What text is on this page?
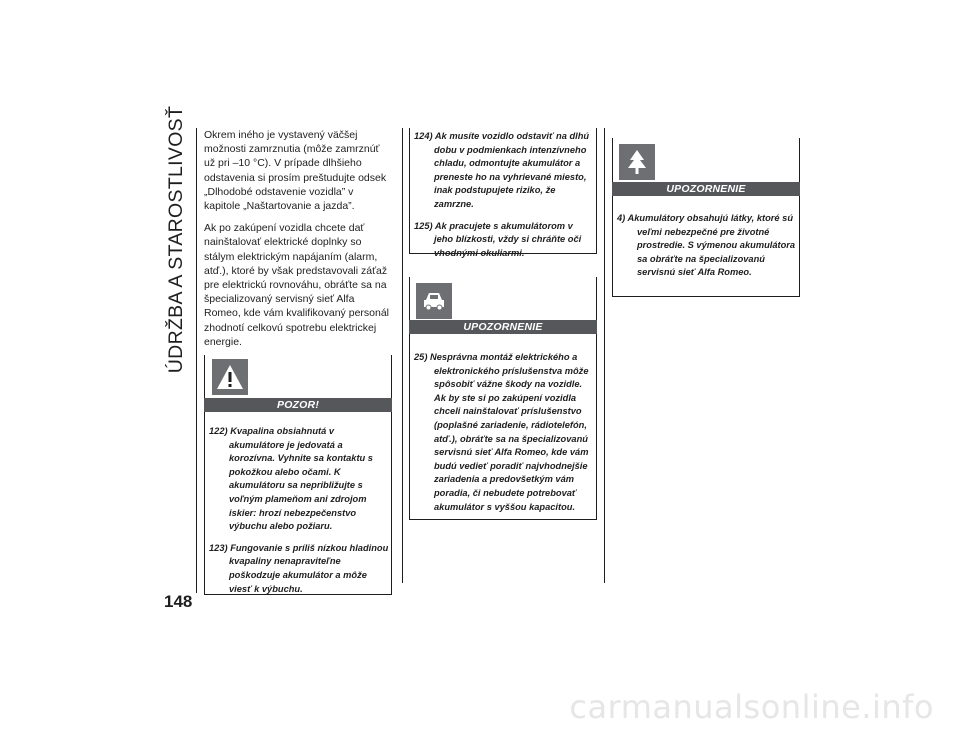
ÚDRŽBA A STAROSTLIVOSŤ
148

Okrem iného je vystavený väčšej možnosti zamrznutia (môže zamrznúť už pri –10 °C). V prípade dlhšieho odstavenia si prosím preštudujte odsek „Dlhodobé odstavenie vozidla” v kapitole „Naštartovanie a jazda”.

Ak po zakúpení vozidla chcete dať nainštalovať elektrické doplnky so stálym elektrickým napájaním (alarm, atď.), ktoré by však predstavovali záťaž pre elektrickú rovnováhu, obráťte sa na špecializovaný servisný sieť Alfa Romeo, kde vám kvalifikovaný personál zhodnotí celkovú spotrebu elektrickej energie.

POZOR!
122) Kvapalina obsiahnutá v akumulátore je jedovatá a korozívna. Vyhnite sa kontaktu s pokožkou alebo očami. K akumulátoru sa nepribližujte s voľným plameňom ani zdrojom iskier: hrozí nebezpečenstvo výbuchu alebo požiaru.
123) Fungovanie s príliš nízkou hladinou kvapaliny nenapraviteľne poškodzuje akumulátor a môže viesť k výbuchu.
124) Ak musíte vozidlo odstaviť na dlhú dobu v podmienkach intenzívneho chladu, odmontujte akumulátor a preneste ho na vyhrievané miesto, inak podstupujete riziko, že zamrzne.
125) Ak pracujete s akumulátorom v jeho blízkosti, vždy si chráňte oči vhodnými okuliarmi.
UPOZORNENIE
25) Nesprávna montáž elektrického a elektronického príslušenstva môže spôsobiť vážne škody na vozidle. Ak by ste si po zakúpení vozidla chceli nainštalovať príslušenstvo (poplašné zariadenie, rádiotelefón, atď.), obráťte sa na špecializovanú servisnú sieť Alfa Romeo, kde vám budú vedieť poradiť najvhodnejšie zariadenia a predovšetkým vám poradia, či nebudete potrebovať akumulátor s vyššou kapacitou.
UPOZORNENIE
4) Akumulátory obsahujú látky, ktoré sú veľmi nebezpečné pre životné prostredie. S výmenou akumulátora sa obráťte na špecializovanú servisnú sieť Alfa Romeo.
carmanualsonline.info
